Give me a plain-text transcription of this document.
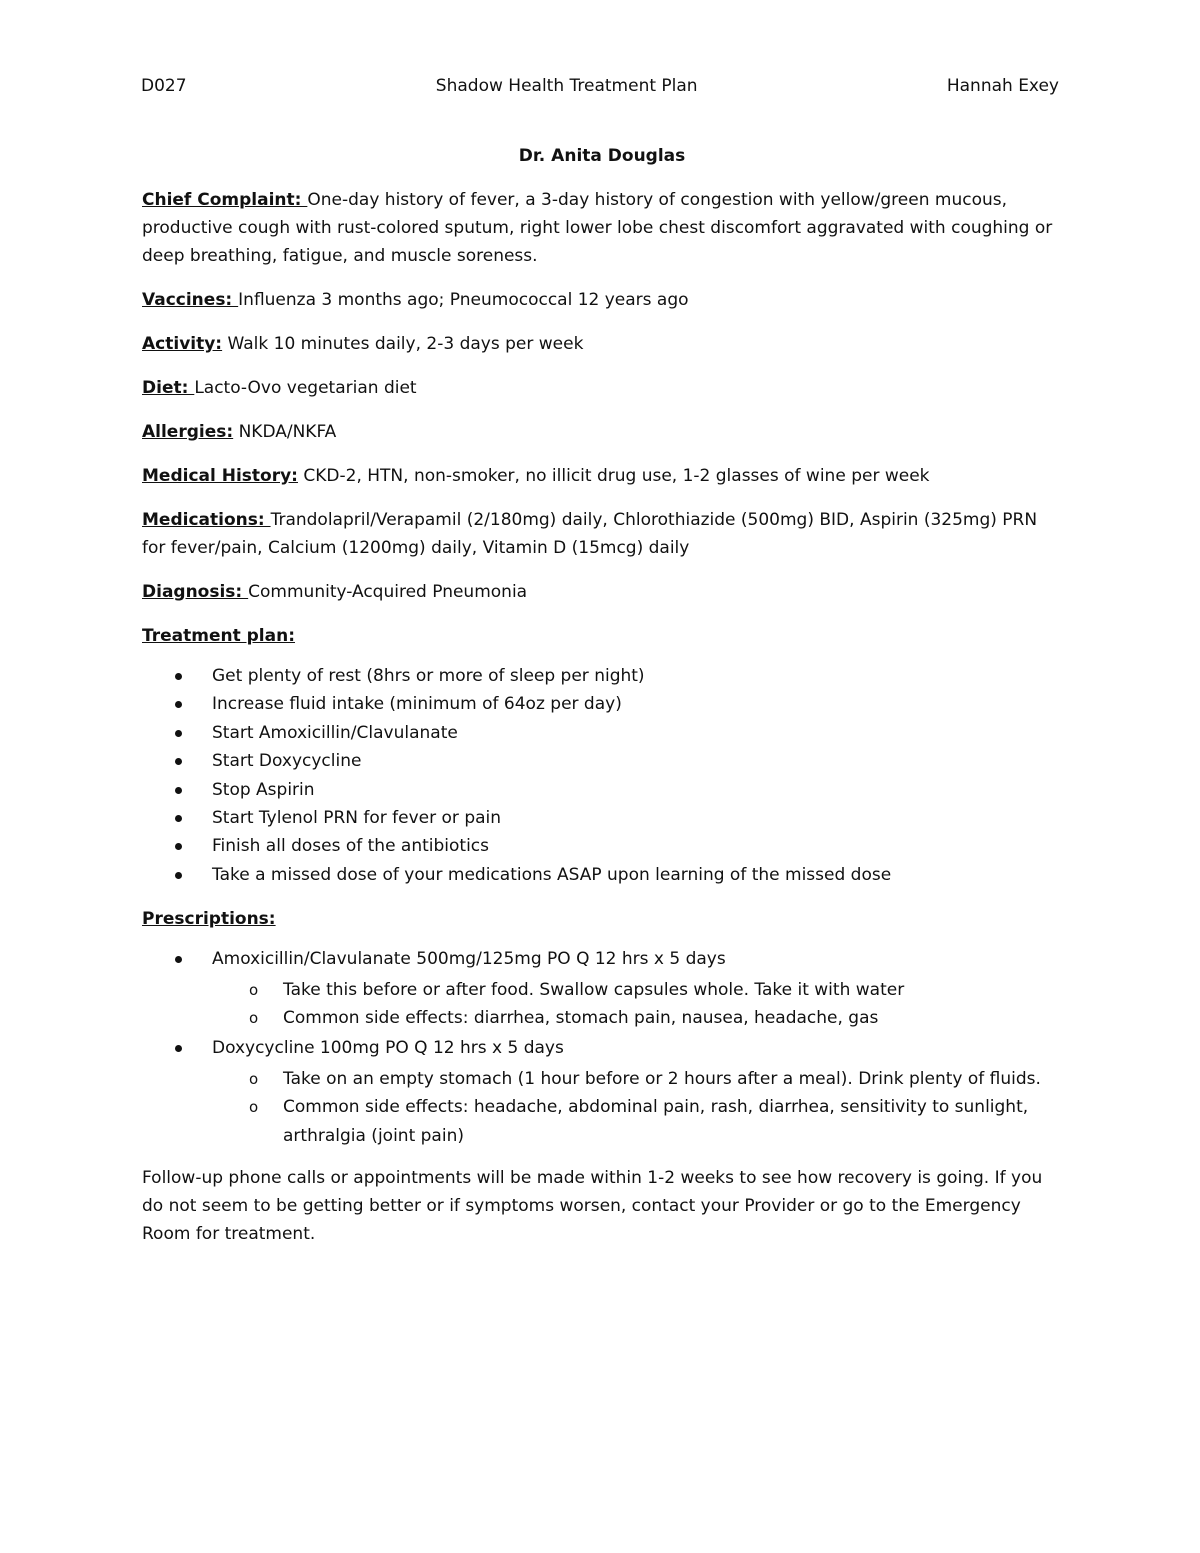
D027	Shadow Health Treatment Plan	Hannah Exey
Dr. Anita Douglas

Chief Complaint: One-day history of fever, a 3-day history of congestion with yellow/green mucous, productive cough with rust-colored sputum, right lower lobe chest discomfort aggravated with coughing or deep breathing, fatigue, and muscle soreness.

Vaccines: Influenza 3 months ago; Pneumococcal 12 years ago

Activity: Walk 10 minutes daily, 2-3 days per week

Diet: Lacto-Ovo vegetarian diet

Allergies: NKDA/NKFA

Medical History: CKD-2, HTN, non-smoker, no illicit drug use, 1-2 glasses of wine per week

Medications: Trandolapril/Verapamil (2/180mg) daily, Chlorothiazide (500mg) BID, Aspirin (325mg) PRN for fever/pain, Calcium (1200mg) daily, Vitamin D (15mcg) daily

Diagnosis: Community-Acquired Pneumonia

Treatment plan:

Get plenty of rest (8hrs or more of sleep per night)
Increase fluid intake (minimum of 64oz per day)
Start Amoxicillin/Clavulanate
Start Doxycycline
Stop Aspirin
Start Tylenol PRN for fever or pain
Finish all doses of the antibiotics
Take a missed dose of your medications ASAP upon learning of the missed dose

Prescriptions:

Amoxicillin/Clavulanate 500mg/125mg PO Q 12 hrs x 5 days
o Take this before or after food. Swallow capsules whole. Take it with water
o Common side effects: diarrhea, stomach pain, nausea, headache, gas
Doxycycline 100mg PO Q 12 hrs x 5 days
o Take on an empty stomach (1 hour before or 2 hours after a meal). Drink plenty of fluids.
o Common side effects: headache, abdominal pain, rash, diarrhea, sensitivity to sunlight, arthralgia (joint pain)

Follow-up phone calls or appointments will be made within 1-2 weeks to see how recovery is going. If you do not seem to be getting better or if symptoms worsen, contact your Provider or go to the Emergency Room for treatment.
